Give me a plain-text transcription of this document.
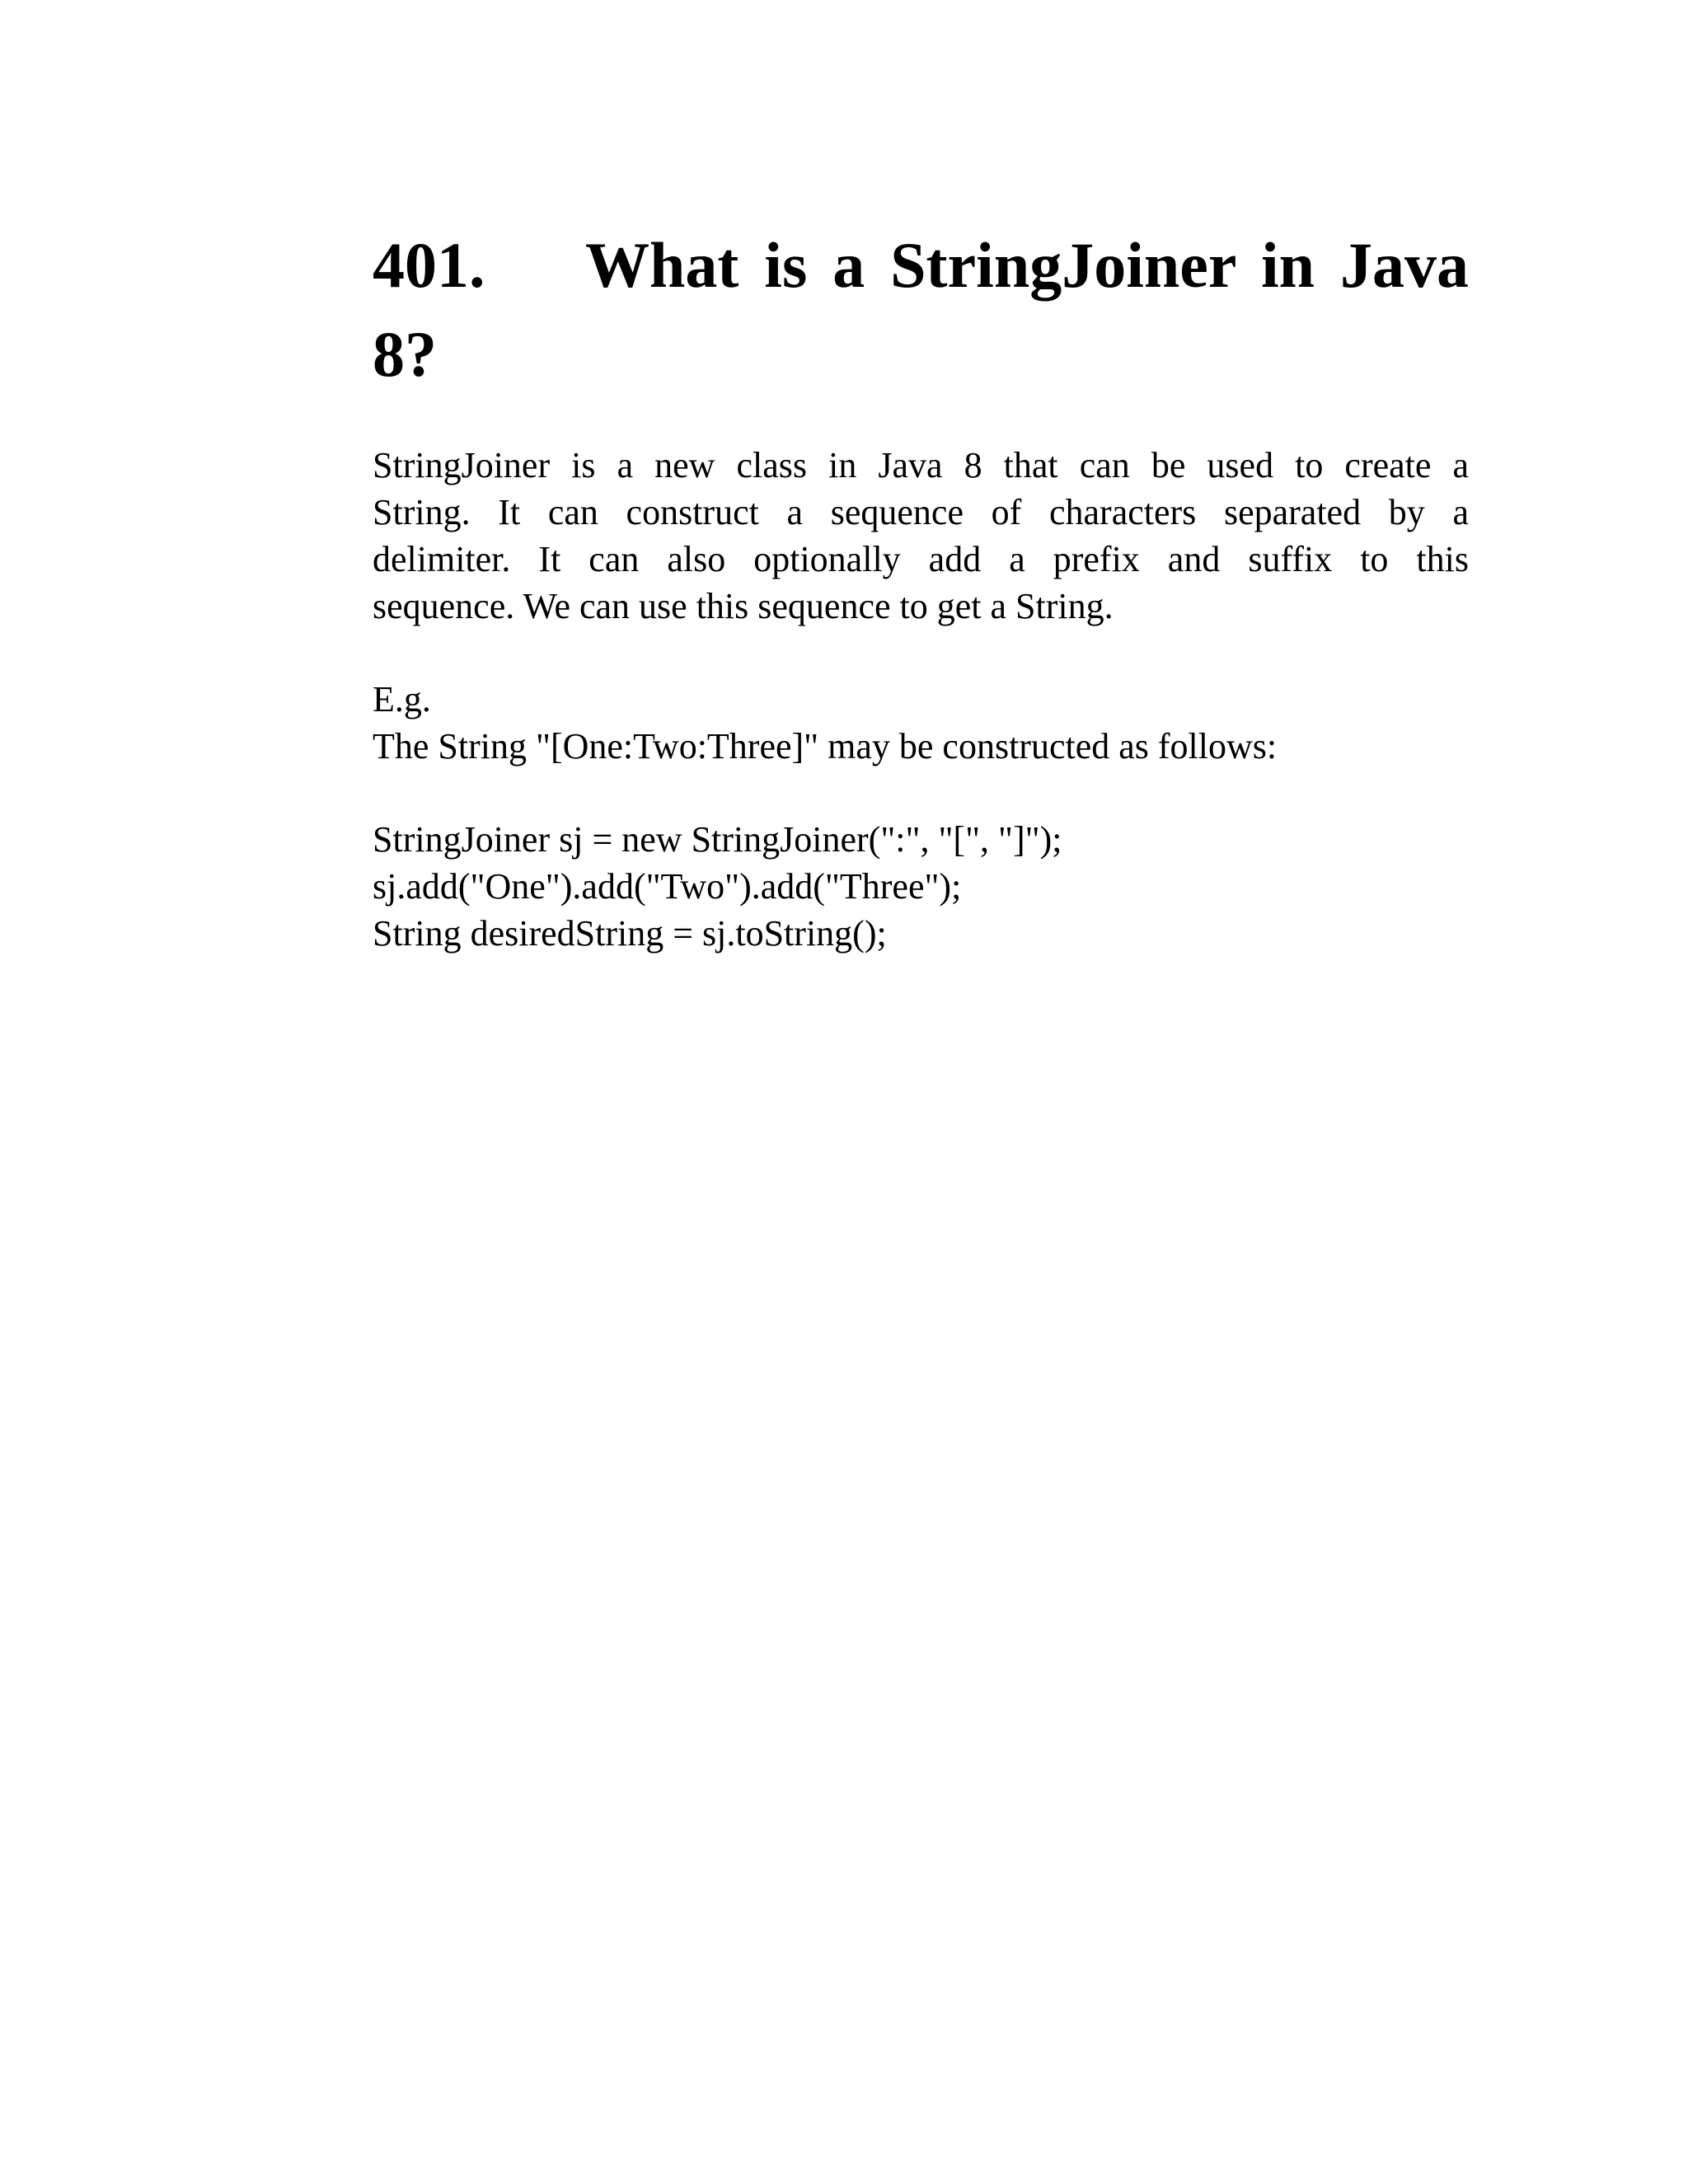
401.	What is a StringJoiner in Java
8?
StringJoiner is a new class in Java 8 that can be used to create a
String. It can construct a sequence of characters separated by a
delimiter. It can also optionally add a prefix and suffix to this
sequence. We can use this sequence to get a String.
E.g.
The String "[One:Two:Three]" may be constructed as follows:
StringJoiner sj = new StringJoiner(":", "[", "]");
sj.add("One").add("Two").add("Three");
String desiredString = sj.toString();
